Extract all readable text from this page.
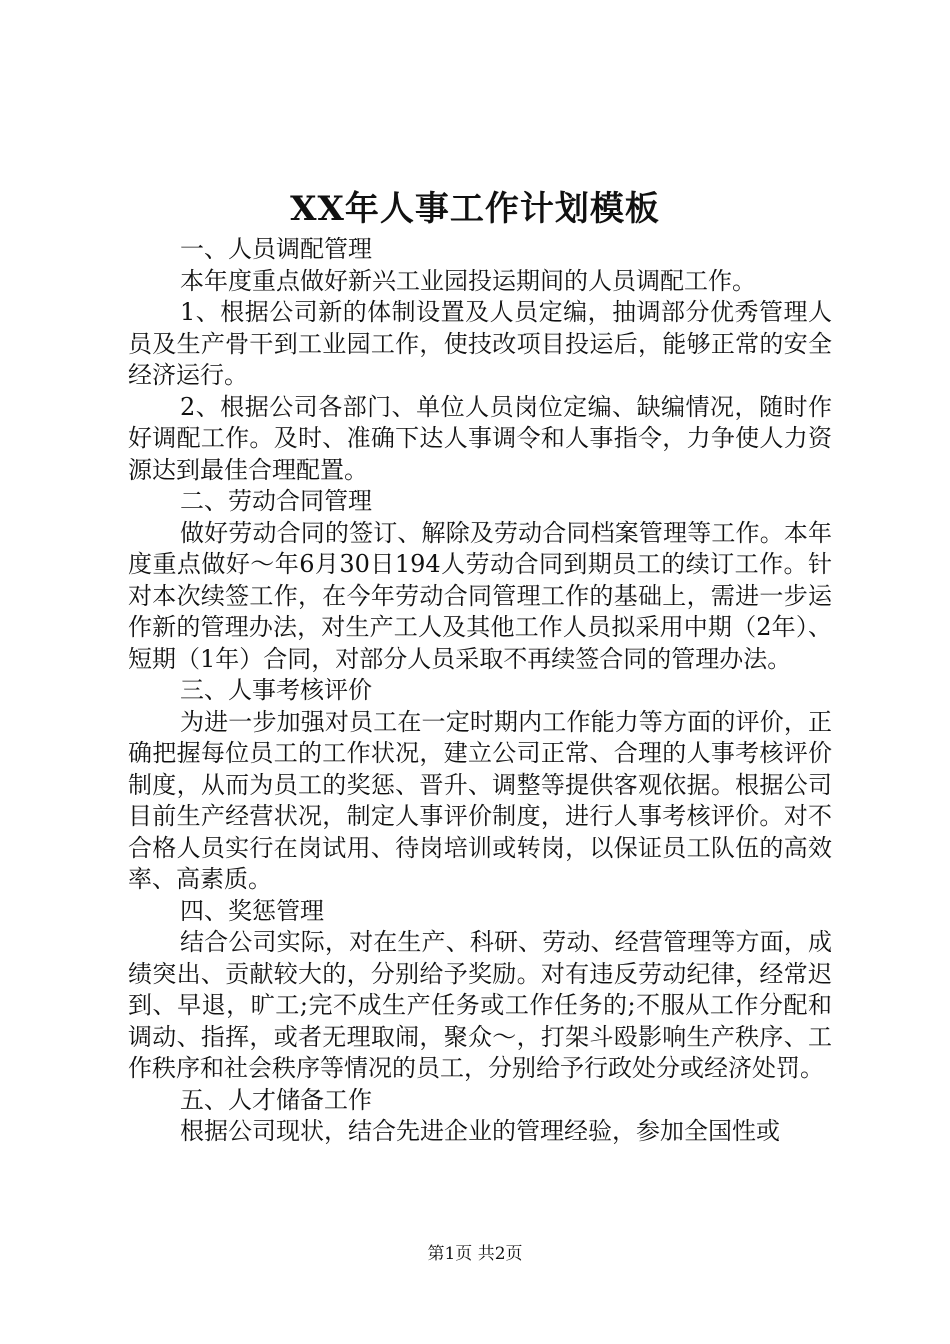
XX年人事工作计划模板

一、人员调配管理

本年度重点做好新兴工业园投运期间的人员调配工作。

1、根据公司新的体制设置及人员定编，抽调部分优秀管理人员及生产骨干到工业园工作，使技改项目投运后，能够正常的安全经济运行。

2、根据公司各部门、单位人员岗位定编、缺编情况，随时作好调配工作。及时、准确下达人事调令和人事指令，力争使人力资源达到最佳合理配置。

二、劳动合同管理

做好劳动合同的签订、解除及劳动合同档案管理等工作。本年度重点做好～年6月30日194人劳动合同到期员工的续订工作。针对本次续签工作，在今年劳动合同管理工作的基础上，需进一步运作新的管理办法，对生产工人及其他工作人员拟采用中期（2年）、短期（1年）合同，对部分人员采取不再续签合同的管理办法。

三、人事考核评价

为进一步加强对员工在一定时期内工作能力等方面的评价，正确把握每位员工的工作状况，建立公司正常、合理的人事考核评价制度，从而为员工的奖惩、晋升、调整等提供客观依据。根据公司目前生产经营状况，制定人事评价制度，进行人事考核评价。对不合格人员实行在岗试用、待岗培训或转岗，以保证员工队伍的高效率、高素质。

四、奖惩管理

结合公司实际，对在生产、科研、劳动、经营管理等方面，成绩突出、贡献较大的，分别给予奖励。对有违反劳动纪律，经常迟到、早退，旷工;完不成生产任务或工作任务的;不服从工作分配和调动、指挥，或者无理取闹，聚众～，打架斗殴影响生产秩序、工作秩序和社会秩序等情况的员工，分别给予行政处分或经济处罚。

五、人才储备工作

根据公司现状，结合先进企业的管理经验，参加全国性或

第1页 共2页
